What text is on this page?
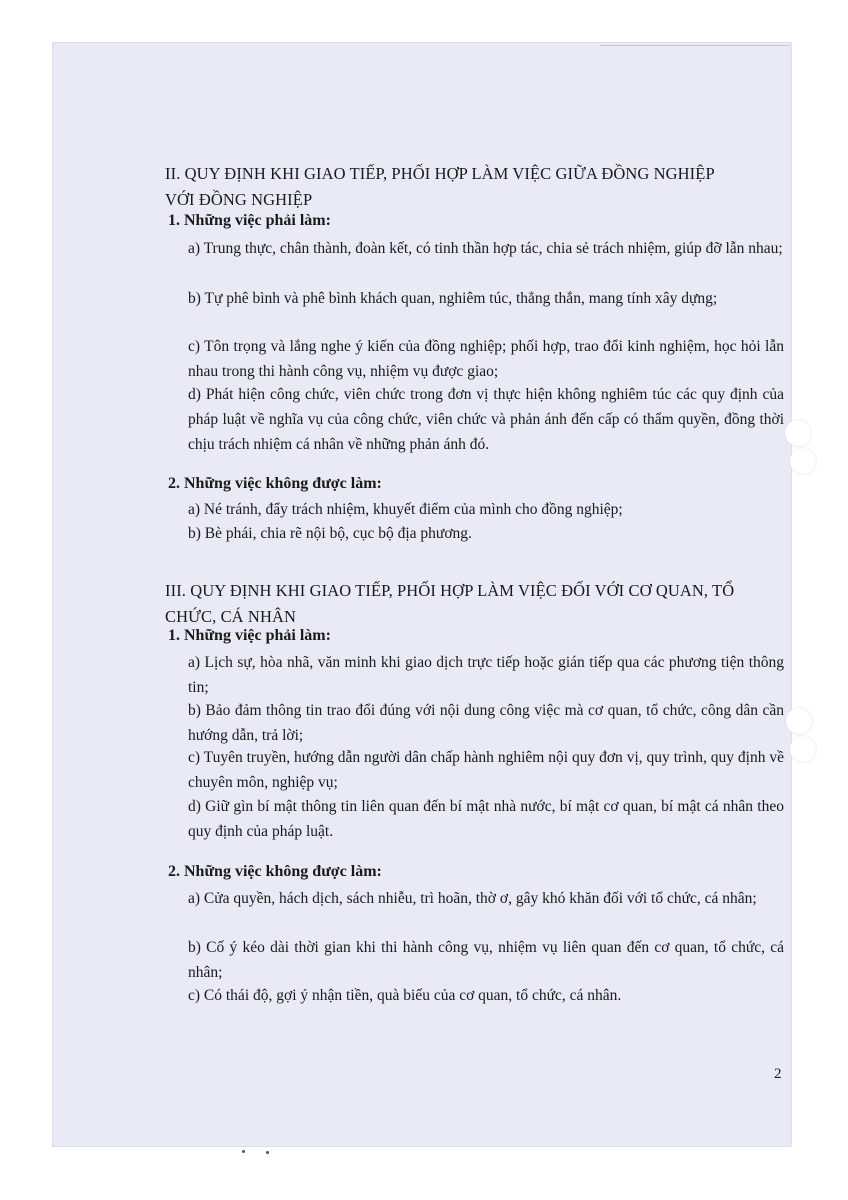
II. QUY ĐỊNH KHI GIAO TIẾP, PHỐI HỢP LÀM VIỆC GIỮA ĐỒNG NGHIỆP
VỚI ĐỒNG NGHIỆP
1. Những việc phải làm:
a) Trung thực, chân thành, đoàn kết, có tinh thần hợp tác, chia sẻ trách nhiệm, giúp đỡ lẫn nhau;
b) Tự phê bình và phê bình khách quan, nghiêm túc, thẳng thắn, mang tính xây dựng;
c) Tôn trọng và lắng nghe ý kiến của đồng nghiệp; phối hợp, trao đổi kinh nghiệm, học hỏi lẫn nhau trong thi hành công vụ, nhiệm vụ được giao;
d) Phát hiện công chức, viên chức trong đơn vị thực hiện không nghiêm túc các quy định của pháp luật về nghĩa vụ của công chức, viên chức và phản ánh đến cấp có thẩm quyền, đồng thời chịu trách nhiệm cá nhân về những phản ánh đó.
2. Những việc không được làm:
a) Né tránh, đẩy trách nhiệm, khuyết điểm của mình cho đồng nghiệp;
b) Bè phái, chia rẽ nội bộ, cục bộ địa phương.
III. QUY ĐỊNH KHI GIAO TIẾP, PHỐI HỢP LÀM VIỆC ĐỐI VỚI CƠ QUAN, TỔ
CHỨC, CÁ NHÂN
1. Những việc phải làm:
a) Lịch sự, hòa nhã, văn minh khi giao dịch trực tiếp hoặc gián tiếp qua các phương tiện thông tin;
b) Bảo đảm thông tin trao đổi đúng với nội dung công việc mà cơ quan, tổ chức, công dân cần hướng dẫn, trả lời;
c) Tuyên truyền, hướng dẫn người dân chấp hành nghiêm nội quy đơn vị, quy trình, quy định về chuyên môn, nghiệp vụ;
d) Giữ gìn bí mật thông tin liên quan đến bí mật nhà nước, bí mật cơ quan, bí mật cá nhân theo quy định của pháp luật.
2. Những việc không được làm:
a) Cửa quyền, hách dịch, sách nhiễu, trì hoãn, thờ ơ, gây khó khăn đối với tổ chức, cá nhân;
b) Cố ý kéo dài thời gian khi thi hành công vụ, nhiệm vụ liên quan đến cơ quan, tổ chức, cá nhân;
c) Có thái độ, gợi ý nhận tiền, quà biếu của cơ quan, tổ chức, cá nhân.
2
